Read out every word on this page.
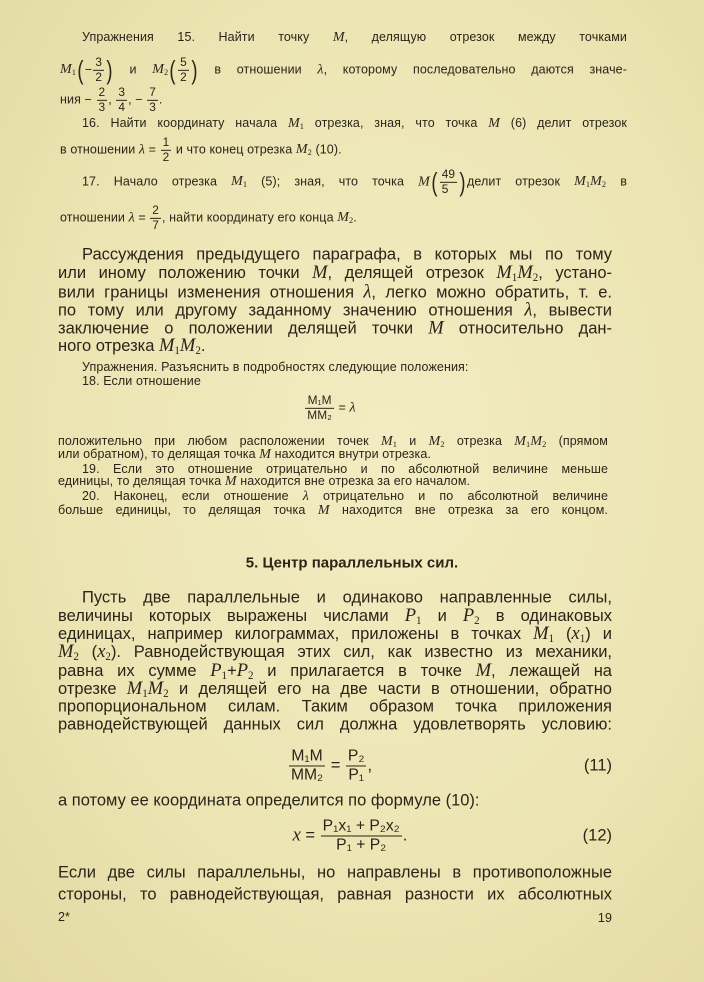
Упражнения 15. Найти точку M, делящую отрезок между точками
$M_1(- \frac{3}{2}$ ) и $M_2( \frac{5}{2}$ ) в отношении λ, которому последовательно даются значе-
ния − $\frac{2}{3}$ , $\frac{3}{4}$ , − $\frac{7}{3}$ .
16. Найти координату начала $M_1$ отрезка, зная, что точка M (6) делит отрезок
в отношении $\lambda = \frac{1}{2}$ и что конец отрезка $M_2$ (10).
17. Начало отрезка $M_1$ (5); зная, что точка $M( \frac{49}{5}$ )делит отрезок $M_1M_2$ в
отношении $\lambda = \frac{2}{7}$ , найти координату его конца $M_2$.
Рассуждения предыдущего параграфа, в которых мы по тому
или иному положению точки M, делящей отрезок $M_1M_2$, устано-
вили границы изменения отношения λ, легко можно обратить, т. е.
по тому или другому заданному значению отношения λ, вывести
заключение о положении делящей точки M относительно дан-
ного отрезка $M_1M_2$.
Упражнения. Разъяснить в подробностях следующие положения:
18. Если отношение
$\frac{\text{M₁M}}{\text{MM₂}} = \lambda$
положительно при любом расположении точек $M_1$ и $M_2$ отрезка $M_1M_2$ (прямом
или обратном), то делящая точка M находится внутри отрезка.
19. Если это отношение отрицательно и по абсолютной величине меньше
единицы, то делящая точка M находится вне отрезка за его началом.
20. Наконец, если отношение λ отрицательно и по абсолютной величине
больше единицы, то делящая точка M находится вне отрезка за его концом.
5. Центр параллельных сил.
Пусть две параллельные и одинаково направленные силы,
величины которых выражены числами $P_1$ и $P_2$ в одинаковых
единицах, например килограммах, приложены в точках $M_1$ $(x_1)$ и
$M_2$ $(x_2)$. Равнодействующая этих сил, как известно из механики,
равна их сумме $P_1+P_2$ и прилагается в точке M, лежащей на
отрезке $M_1M_2$ и делящей его на две части в отношении, обратно
пропорциональном силам. Таким образом точка приложения
равнодействующей данных сил должна удовлетворять условию:
$\frac{\text{M₁M}}{\text{MM₂}} = \frac{\text{P₂}}{\text{P₁}}$ ,	(11)
а потому ее координата определится по формуле (10):
$x = \frac{\text{P₁x₁ + P₂x₂}}{\text{P₁ + P₂}}$ .	(12)
Если две силы параллельны, но направлены в противоположные
стороны, то равнодействующая, равная разности их абсолютных
2*	19
